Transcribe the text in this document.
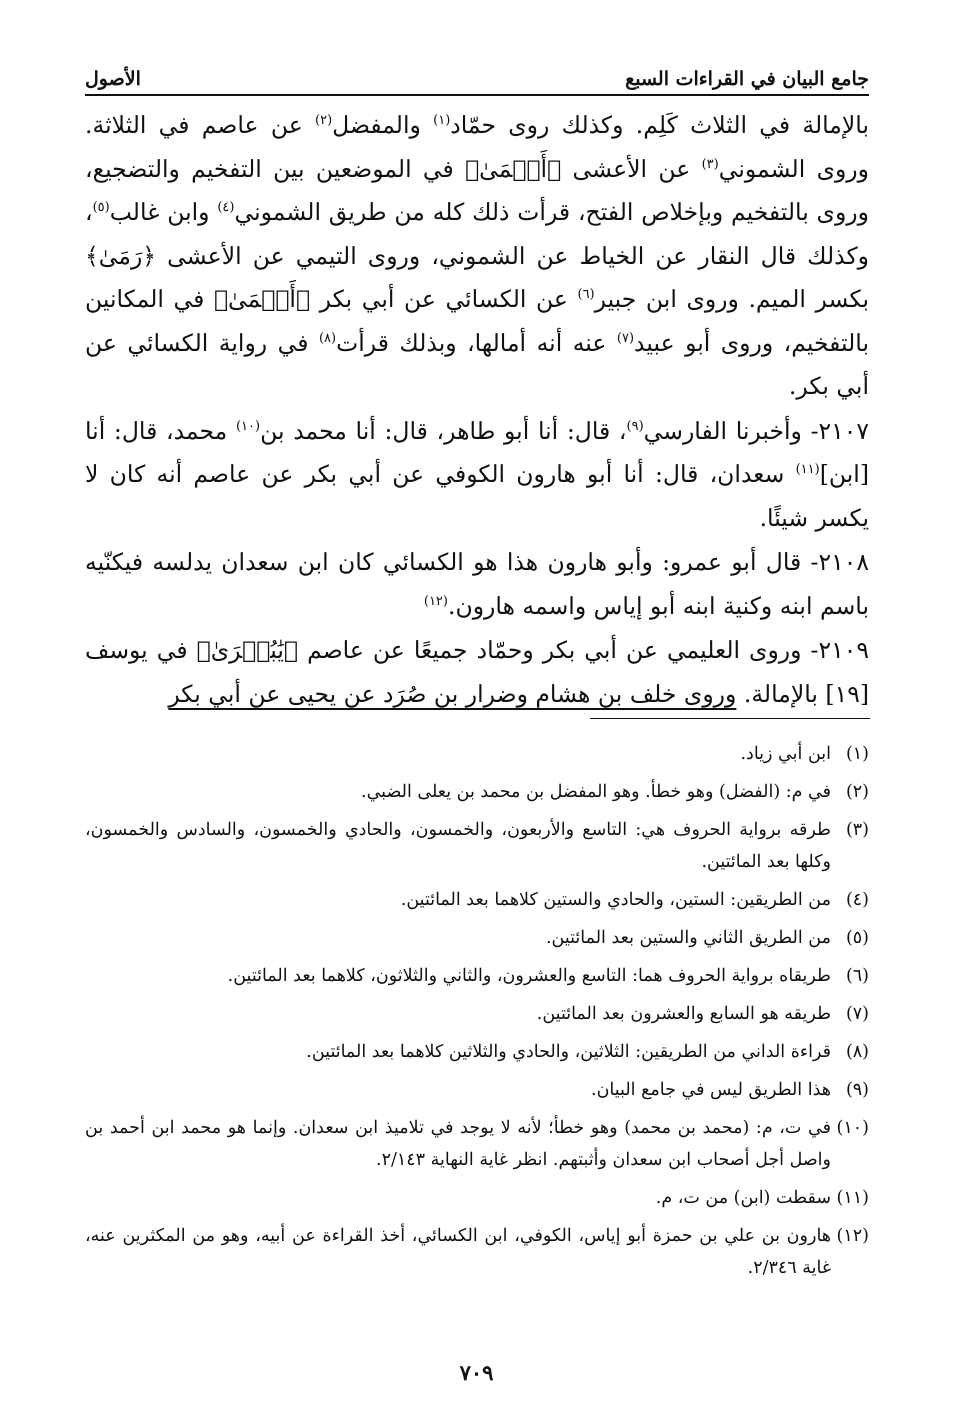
جامع البيان في القراءات السبع
الأصول

بالإمالة في الثلاث كَلِم. وكذلك روى حمّاد$^{(١)}$ والمفضل$^{(٢)}$ عن عاصم في الثلاثة. وروى الشموني$^{(٣)}$ عن الأعشى ﴿أَعۡمَىٰ﴾ في الموضعين بين التفخيم والتضجيع، وروى بالتفخيم وبإخلاص الفتح، قرأت ذلك كله من طريق الشموني$^{(٤)}$ وابن غالب$^{(٥)}$، وكذلك قال النقار عن الخياط عن الشموني، وروى التيمي عن الأعشى ﴿رَمَىٰ﴾ بكسر الميم. وروى ابن جبير$^{(٦)}$ عن الكسائي عن أبي بكر ﴿أَعۡمَىٰ﴾ في المكانين بالتفخيم، وروى أبو عبيد$^{(٧)}$ عنه أنه أمالها، وبذلك قرأت$^{(٨)}$ في رواية الكسائي عن أبي بكر.

٢١٠٧- وأخبرنا الفارسي$^{(٩)}$، قال: أنا أبو طاهر، قال: أنا محمد بن$^{(١٠)}$ محمد، قال: أنا [ابن]$^{(١١)}$ سعدان، قال: أنا أبو هارون الكوفي عن أبي بكر عن عاصم أنه كان لا يكسر شيئًا.

٢١٠٨- قال أبو عمرو: وأبو هارون هذا هو الكسائي كان ابن سعدان يدلسه فيكنّيه باسم ابنه وكنية ابنه أبو إياس واسمه هارون.$^{(١٢)}$

٢١٠٩- وروى العليمي عن أبي بكر وحمّاد جميعًا عن عاصم ﴿يَٰبُشۡرَىٰ﴾ في يوسف [١٩] بالإمالة. وروى خلف بن هشام وضرار بن صُرَد عن يحيى عن أبي بكر

(١)ابن أبي زياد.

(٢)في م: (الفضل) وهو خطأ. وهو المفضل بن محمد بن يعلى الضبي.

(٣)طرقه برواية الحروف هي: التاسع والأربعون، والخمسون، والحادي والخمسون، والسادس والخمسون، وكلها بعد المائتين.

(٤)من الطريقين: الستين، والحادي والستين كلاهما بعد المائتين.

(٥)من الطريق الثاني والستين بعد المائتين.

(٦)طريقاه برواية الحروف هما: التاسع والعشرون، والثاني والثلاثون، كلاهما بعد المائتين.

(٧)طريقه هو السابع والعشرون بعد المائتين.

(٨)قراءة الداني من الطريقين: الثلاثين، والحادي والثلاثين كلاهما بعد المائتين.

(٩)هذا الطريق ليس في جامع البيان.

(١٠)في ت، م: (محمد بن محمد) وهو خطأ؛ لأنه لا يوجد في تلاميذ ابن سعدان. وإنما هو محمد ابن أحمد بن واصل أجل أصحاب ابن سعدان وأثبتهم. انظر غاية النهاية ٢/١٤٣.

(١١)سقطت (ابن) من ت، م.

(١٢)هارون بن علي بن حمزة أبو إياس، الكوفي، ابن الكسائي، أخذ القراءة عن أبيه، وهو من المكثرين عنه، غاية ٢/٣٤٦.

٧٠٩
